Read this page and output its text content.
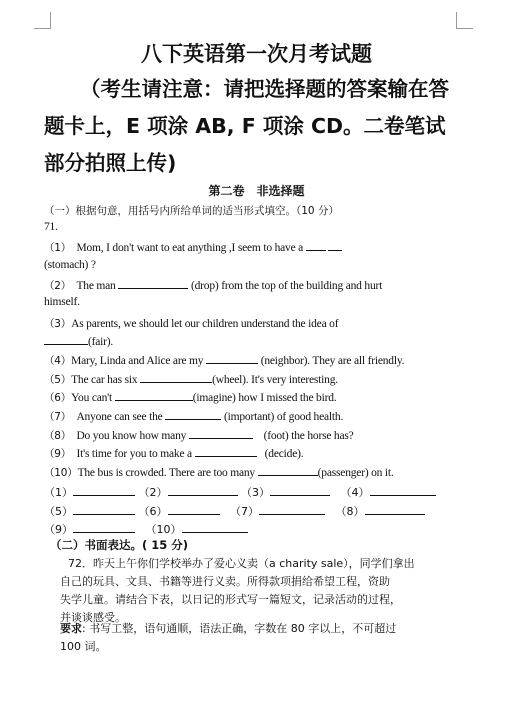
八下英语第一次月考试题
（考生请注意：请把选择题的答案输在答
题卡上，E 项涂 AB, F 项涂 CD。二卷笔试
部分拍照上传)
第二卷　非选择题
（一）根据句意，用括号内所给单词的适当形式填空。（10 分）
71.
（1） Mom, I don't want to eat anything ,I seem to have a
(stomach) ?
（2） The man	(drop) from the top of the building and hurt
himself.
（3）As parents, we should let our children understand the idea of
(fair).
（4）Mary, Linda and Alice are my	(neighbor). They are all friendly.
（5）The car has six	(wheel). It's very interesting.
（6）You can't	(imagine) how I missed the bird.
（7） Anyone can see the	(important) of good health.
（8） Do you know how many	(foot) the horse has?
（9） It's time for you to make a	(decide).
（10）The bus is crowded. There are too many	(passenger) on it.
（1）	（2）	（3）	（4）
（5）	（6）	（7）	（8）
（9）	（10）
（二）书面表达。( 15 分)
72．昨天上午你们学校举办了爱心义卖（a charity sale），同学们拿出
自己的玩具、文具、书籍等进行义卖。所得款项捐给希望工程，资助
失学儿童。请结合下表，以日记的形式写一篇短文，记录活动的过程，
并谈谈感受。
要求: 书写工整，语句通顺，语法正确，字数在 80 字以上，不可超过
100 词。
